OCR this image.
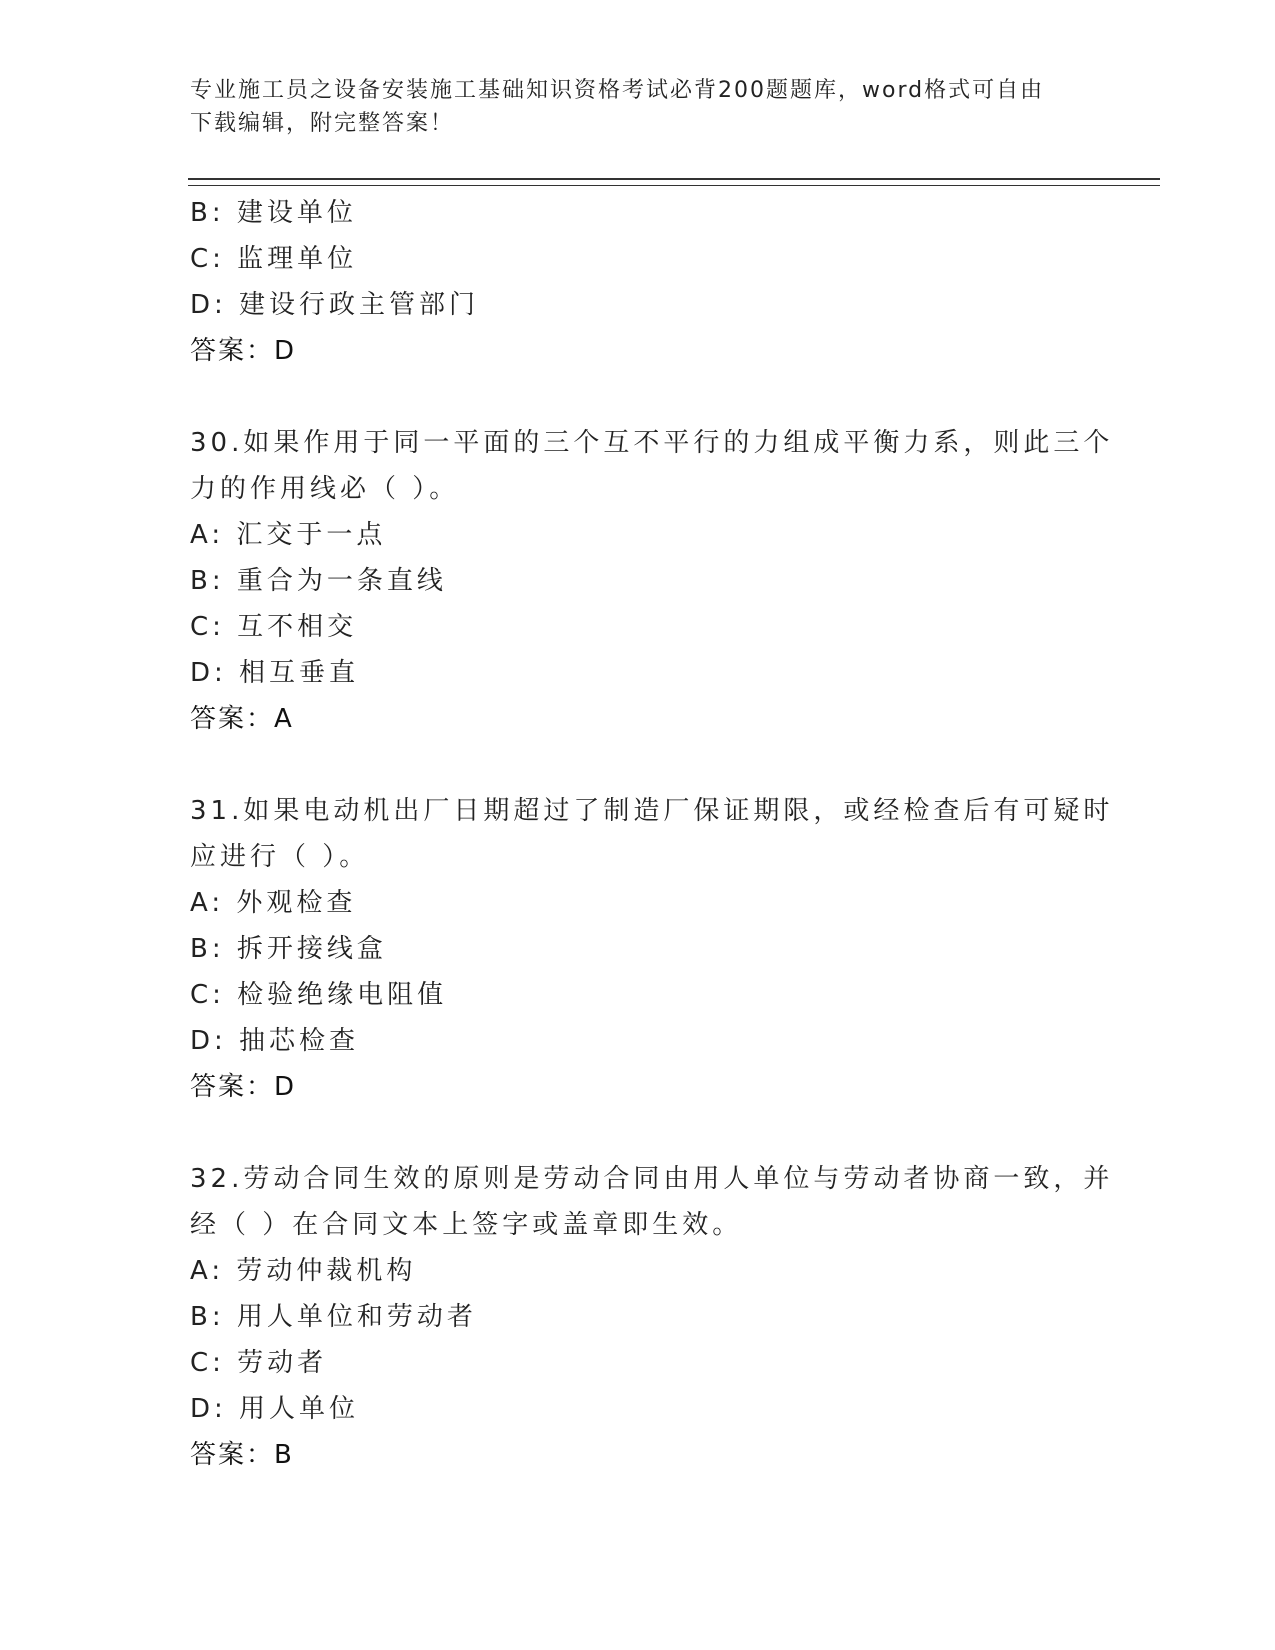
专业施工员之设备安装施工基础知识资格考试必背200题题库，word格式可自由
下载编辑，附完整答案！
B: 建设单位
C: 监理单位
D: 建设行政主管部门
答案：D
30.如果作用于同一平面的三个互不平行的力组成平衡力系，则此三个
力的作用线必（ ）。
A: 汇交于一点
B: 重合为一条直线
C: 互不相交
D: 相互垂直
答案：A
31.如果电动机出厂日期超过了制造厂保证期限，或经检查后有可疑时
应进行（ ）。
A: 外观检查
B: 拆开接线盒
C: 检验绝缘电阻值
D: 抽芯检查
答案：D
32.劳动合同生效的原则是劳动合同由用人单位与劳动者协商一致，并
经（ ）在合同文本上签字或盖章即生效。
A: 劳动仲裁机构
B: 用人单位和劳动者
C: 劳动者
D: 用人单位
答案：B
